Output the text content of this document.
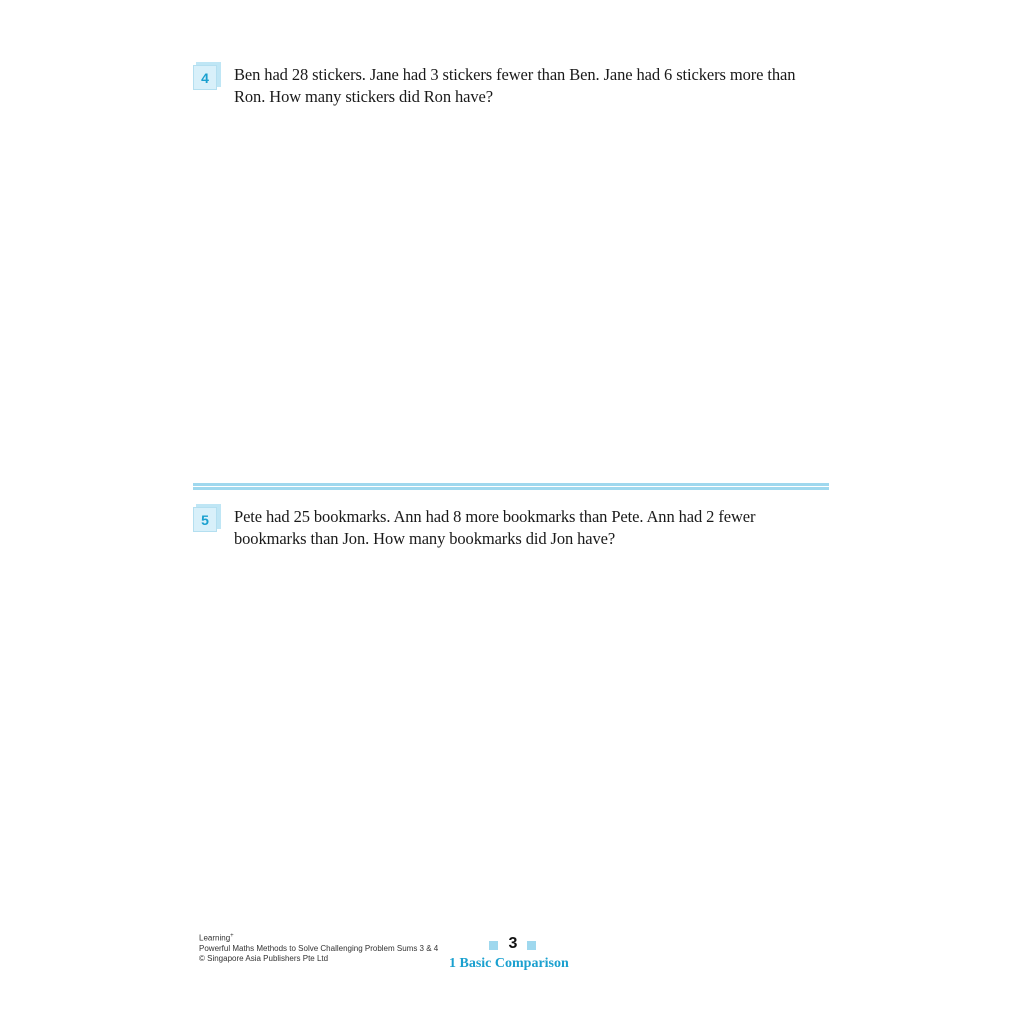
4	Ben had 28 stickers. Jane had 3 stickers fewer than Ben. Jane had 6 stickers more than Ron. How many stickers did Ron have?
5	Pete had 25 bookmarks. Ann had 8 more bookmarks than Pete. Ann had 2 fewer bookmarks than Jon. How many bookmarks did Jon have?
Learning+
Powerful Maths Methods to Solve Challenging Problem Sums 3 & 4
© Singapore Asia Publishers Pte Ltd
3
1 Basic Comparison
